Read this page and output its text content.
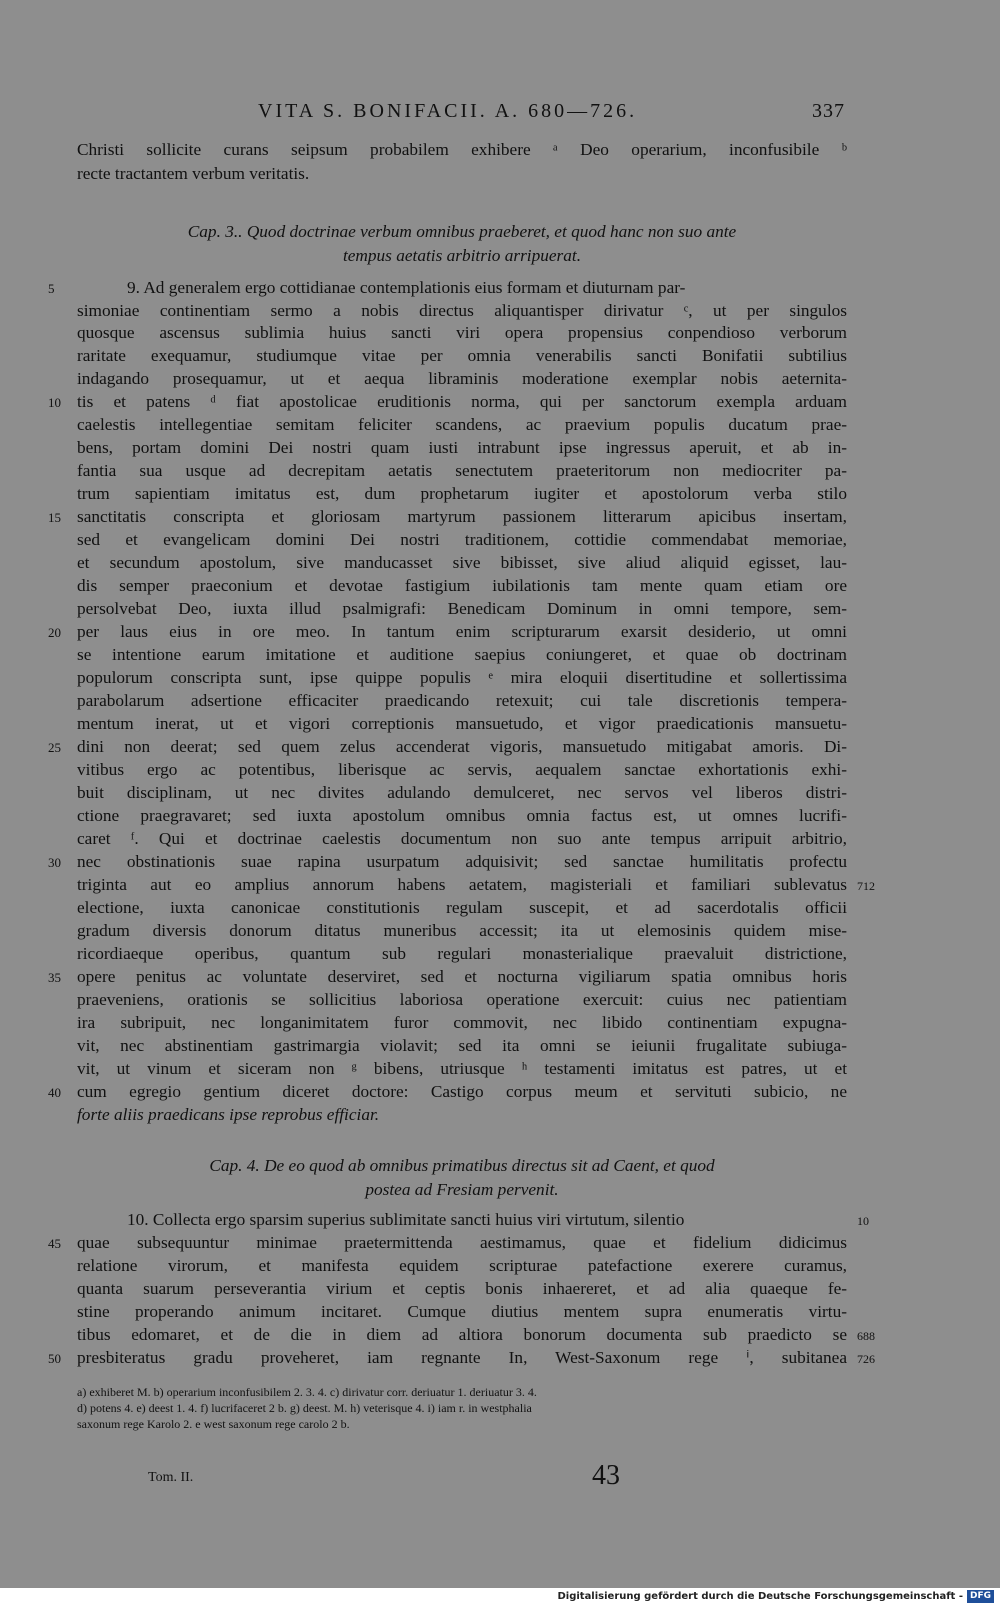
VITA S. BONIFACII. A. 680—726.	337
Christi sollicite curans seipsum probabilem exhibere ᵃ Deo operarium, inconfusibile ᵇ
recte tractantem verbum veritatis.
Cap. 3.. Quod doctrinae verbum omnibus praeberet, et quod hanc non suo ante
tempus aetatis arbitrio arripuerat.
9. Ad generalem ergo cottidianae contemplationis eius formam et diuturnam par-
5
simoniae continentiam sermo a nobis directus aliquantisper dirivatur ᶜ, ut per singulos
quosque ascensus sublimia huius sancti viri opera propensius conpendioso verborum
raritate exequamur, studiumque vitae per omnia venerabilis sancti Bonifatii subtilius
indagando prosequamur, ut et aequa libraminis moderatione exemplar nobis aeternita-
tis et patens ᵈ fiat apostolicae eruditionis norma, qui per sanctorum exempla arduam
10
caelestis intellegentiae semitam feliciter scandens, ac praevium populis ducatum prae-
bens, portam domini Dei nostri quam iusti intrabunt ipse ingressus aperuit, et ab in-
fantia sua usque ad decrepitam aetatis senectutem praeteritorum non mediocriter pa-
trum sapientiam imitatus est, dum prophetarum iugiter et apostolorum verba stilo
sanctitatis conscripta et gloriosam martyrum passionem litterarum apicibus insertam,
15
sed et evangelicam domini Dei nostri traditionem, cottidie commendabat memoriae,
et secundum apostolum, sive manducasset sive bibisset, sive aliud aliquid egisset, lau-
dis semper praeconium et devotae fastigium iubilationis tam mente quam etiam ore
persolvebat Deo, iuxta illud psalmigrafi: Benedicam Dominum in omni tempore, sem-
per laus eius in ore meo. In tantum enim scripturarum exarsit desiderio, ut omni
20
se intentione earum imitatione et auditione saepius coniungeret, et quae ob doctrinam
populorum conscripta sunt, ipse quippe populis ᵉ mira eloquii disertitudine et sollertissima
parabolarum adsertione efficaciter praedicando retexuit; cui tale discretionis tempera-
mentum inerat, ut et vigori correptionis mansuetudo, et vigor praedicationis mansuetu-
dini non deerat; sed quem zelus accenderat vigoris, mansuetudo mitigabat amoris. Di-
25
vitibus ergo ac potentibus, liberisque ac servis, aequalem sanctae exhortationis exhi-
buit disciplinam, ut nec divites adulando demulceret, nec servos vel liberos distri-
ctione praegravaret; sed iuxta apostolum omnibus omnia factus est, ut omnes lucrifi-
caret ᶠ. Qui et doctrinae caelestis documentum non suo ante tempus arripuit arbitrio,
nec obstinationis suae rapina usurpatum adquisivit; sed sanctae humilitatis profectu
30
triginta aut eo amplius annorum habens aetatem, magisteriali et familiari sublevatus 712
electione, iuxta canonicae constitutionis regulam suscepit, et ad sacerdotalis officii
gradum diversis donorum ditatus muneribus accessit; ita ut elemosinis quidem mise-
ricordiaeque operibus, quantum sub regulari monasterialique praevaluit districtione,
opere penitus ac voluntate deserviret, sed et nocturna vigiliarum spatia omnibus horis
35
praeveniens, orationis se sollicitius laboriosa operatione exercuit: cuius nec patientiam
ira subripuit, nec longanimitatem furor commovit, nec libido continentiam expugna-
vit, nec abstinentiam gastrimargia violavit; sed ita omni se ieiunii frugalitate subiuga-
vit, ut vinum et siceram non ᵍ bibens, utriusque ʰ testamenti imitatus est patres, ut et
cum egregio gentium diceret doctore: Castigo corpus meum et servituti subicio, ne
40
forte aliis praedicans ipse reprobus efficiar.
Cap. 4. De eo quod ab omnibus primatibus directus sit ad Caent, et quod
postea ad Fresiam pervenit.
10. Collecta ergo sparsim superius sublimitate sancti huius viri virtutum, silentio	10
quae subsequuntur minimae praetermittenda aestimamus, quae et fidelium didicimus
45
relatione virorum, et manifesta equidem scripturae patefactione exerere curamus,
quanta suarum perseverantia virium et ceptis bonis inhaereret, et ad alia quaeque fe-
stine properando animum incitaret. Cumque diutius mentem supra enumeratis virtu-
tibus edomaret, et de die in diem ad altiora bonorum documenta sub praedicto se 688
presbiteratus gradu proveheret, iam regnante In, West-Saxonum rege ⁱ, subitanea
50	726
a) exhiberet M. b) operarium inconfusibilem 2. 3. 4. c) dirivatur corr. deriuatur 1. deriuatur 3. 4.
d) potens 4. e) deest 1. 4. f) lucrifaceret 2 b. g) deest. M. h) veterisque 4. i) iam r. in westphalia
saxonum rege Karolo 2. e west saxonum rege carolo 2 b.
Tom. II.	43
Digitalisierung gefördert durch die Deutsche Forschungsgemeinschaft - DFG
